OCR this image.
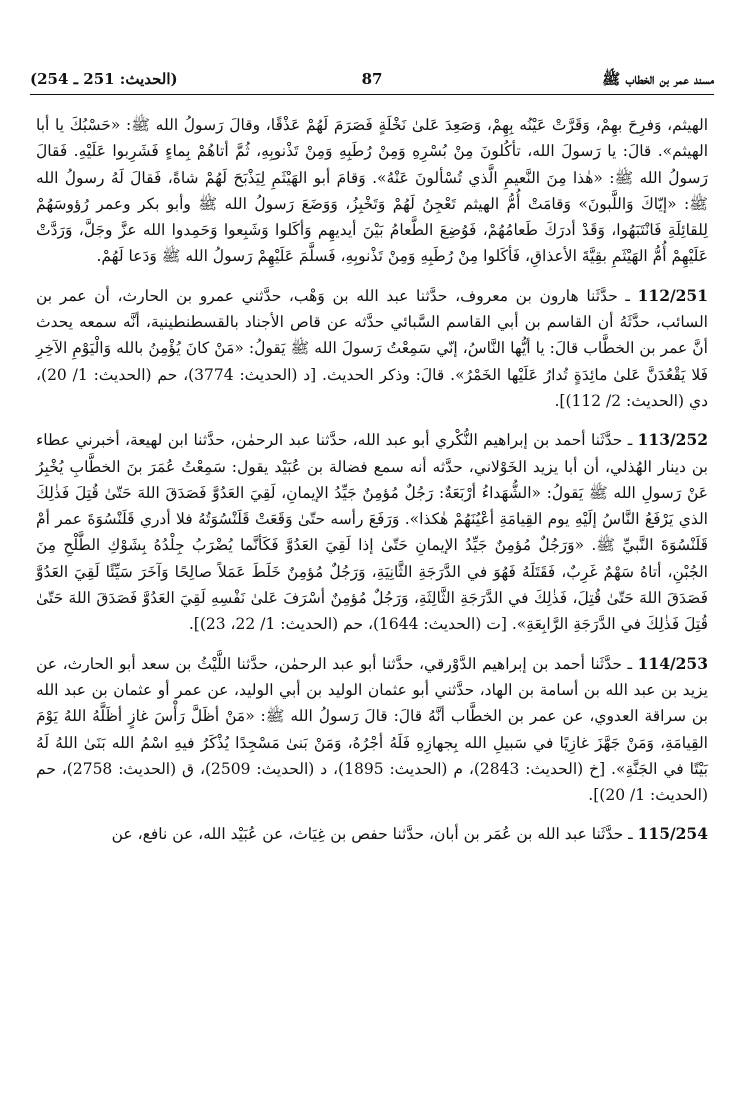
مسند عمر بن الخطاب ﷺ
87
(الحديث: 251 ـ 254)

الهيثم، وَفرِحَ بهِمْ، وَقَرَّتْ عَيْنُه بِهِمْ، وَصَعِدَ عَلىٰ نَخْلَةٍ فَصَرَمَ لَهُمْ عَذْقًا، وقالَ رَسولُ الله ﷺ: «حَسْبُكَ يا أبا الهيثم». قالَ: يا رَسولَ الله، تأكُلونَ مِنْ بُسْرِهِ وَمِنْ رُطَبِهِ وَمِنْ تَذْنوبِهِ، ثُمَّ أتاهُمْ بِماءٍ فَشَرِبوا عَلَيْهِ. فَقالَ رَسولُ الله ﷺ: «هٰذا مِنَ النَّعيمِ الَّذي تُسْألونَ عَنْهُ». وَقامَ أبو الهَيْثَمِ لِيَذْبَحَ لَهُمْ شاةً، فَقالَ لَهُ رسولُ الله ﷺ: «إيّاكَ وَاللَّبونَ» وَقامَتْ أُمُّ الهيثم تَعْجِنُ لَهُمْ وَتَخْبِزُ، وَوَضَعَ رَسولُ الله ﷺ وأبو بكر وعمر رُؤوسَهُمْ لِلقائِلَةِ فَانْتَبَهُوا، وَقَدْ أدرَكَ طَعامُهُمْ، فَوُضِعَ الطَّعامُ بَيْنَ أيديهِم وَأكَلوا وَشَبِعوا وَحَمِدوا الله عزَّ وجَلَّ، وَرَدَّتْ عَلَيْهِمْ أُمُّ الهَيْثَمِ بقِيَّةَ الأعذاقِ، فَأكَلوا مِنْ رُطَبِهِ وَمِنْ تَذْنوبِهِ، فَسلَّمَ عَلَيْهِمْ رَسولُ الله ﷺ وَدَعا لَهُمْ.

112/251 ـ حدَّثَنا هارون بن معروف، حدَّثنا عبد الله بن وَهْب، حدَّثني عمرو بن الحارث، أن عمر بن السائب، حدَّثَهُ أن القاسم بن أبي القاسم السَّبائي حدَّثه عن قاص الأجناد بالقسطنطينية، أنَّه سمعه يحدث أنَّ عمر بن الخطَّاب قالَ: يا أيُّها النَّاسُ، إنّي سَمِعْتُ رَسولَ الله ﷺ يَقولُ: «مَنْ كانَ يُؤْمِنُ بالله وَالْيَوْمِ الآخِرِ فَلا يَقْعُدَنَّ عَلىٰ مائِدَةٍ تُدارُ عَلَيْها الخَمْرُ». قالَ: وذكر الحديث. [د (الحديث: 3774)، حم (الحديث: 1/ 20)، دي (الحديث: 2/ 112)].

113/252 ـ حدَّثَنا أحمد بن إبراهيم النُّكْري أبو عبد الله، حدَّثنا عبد الرحمٰن، حدَّثنا ابن لهيعة، أخبرني عطاء بن دينار الهُذلي، أن أبا يزيد الخَوْلاني، حدَّثه أنه سمع فضالة بن عُبَيْد يقول: سَمِعْتُ عُمَرَ بنَ الخطَّابِ يُخْبِرُ عَنْ رَسولِ الله ﷺ يَقولُ: «الشُّهَداءُ أرْبَعَةٌ: رَجُلٌ مُؤمِنٌ جَيِّدُ الإيمانِ، لَقِيَ العَدُوَّ فَصَدَقَ اللهَ حَتّىٰ قُتِلَ فَذٰلِكَ الذي يَرْفَعُ النَّاسُ إلَيْهِ يوم القِيامَةِ أعْيُنَهُمْ هٰكذا». وَرَفَعَ رأسه حتّىٰ وَقَعَتْ قَلَنْسُوَتُهُ فلا أدري قَلَنْسُوَةَ عمر أمْ قَلَنْسُوَةَ النَّبيِّ ﷺ. «وَرَجُلٌ مُؤمِنٌ جَيِّدُ الإيمانِ حَتّىٰ إذا لَقِيَ العَدُوَّ فَكَأنَّما يُضْرَبُ جِلْدُهُ بِشَوْكِ الطَّلْحِ مِنَ الجُبْنِ، أتاهُ سَهْمٌ غَرِبٌ، فَقَتَلَهُ فَهُوَ في الدَّرَجَةِ الثَّانِيَةِ، وَرَجُلٌ مُؤمِنٌ خَلَطَ عَمَلاً صالِحًا وَآخَرَ سَيِّئًا لَقِيَ العَدُوَّ فَصَدَقَ اللهَ حَتّىٰ قُتِلَ، فَذٰلِكَ في الدَّرَجَةِ الثَّالِثَةِ، وَرَجُلٌ مُؤمِنٌ أسْرَفَ عَلىٰ نَفْسِهِ لَقِيَ العَدُوَّ فَصَدَقَ اللهَ حَتّىٰ قُتِلَ فَذٰلِكَ في الدَّرَجَةِ الرَّابِعَةِ». [ت (الحديث: 1644)، حم (الحديث: 1/ 22، 23)].

114/253 ـ حدَّثَنا أحمد بن إبراهيم الدَّوْرقي، حدَّثنا أبو عبد الرحمٰن، حدَّثنا اللَّيْثُ بن سعد أبو الحارث، عن يزيد بن عبد الله بن أسامة بن الهاد، حدَّثني أبو عثمان الوليد بن أبي الوليد، عن عمر أو عثمان بن عبد الله بن سراقة العدوي، عن عمر بن الخطَّاب أنَّهُ قالَ: قالَ رَسولُ الله ﷺ: «مَنْ أظَلَّ رَأْسَ غازٍ أظَلَّهُ اللهُ يَوْمَ القِيامَةِ، وَمَنْ جَهَّزَ غازِيًا في سَبيلِ الله بِجهازِهِ فَلَهُ أجْرُهُ، وَمَنْ بَنىٰ مَسْجِدًا يُذْكَرُ فيهِ اسْمُ الله بَنَىٰ اللهُ لَهُ بَيْتًا في الجَنَّةِ». [خ (الحديث: 2843)، م (الحديث: 1895)، د (الحديث: 2509)، ق (الحديث: 2758)، حم (الحديث: 1/ 20)].

115/254 ـ حدَّثَنا عبد الله بن عُمَر بن أبان، حدَّثنا حفص بن غِيَاث، عن عُبَيْد الله، عن نافع، عن
